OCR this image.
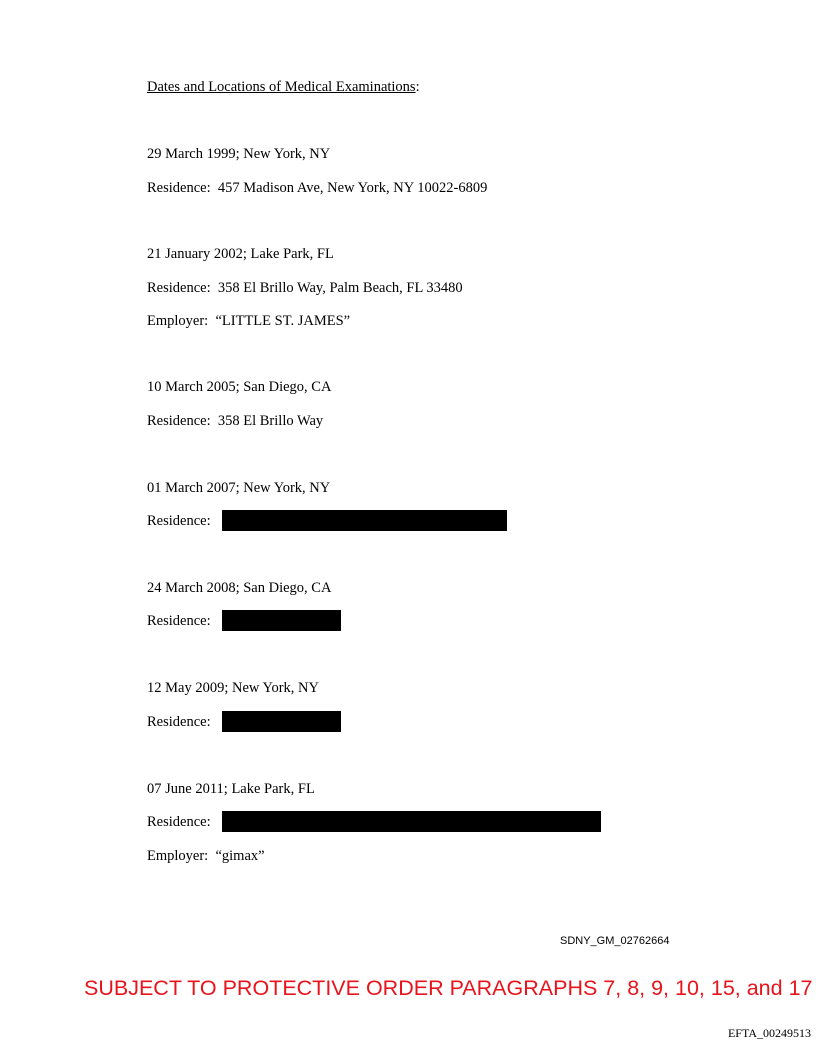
Dates and Locations of Medical Examinations:
29 March 1999; New York, NY
Residence: 457 Madison Ave, New York, NY 10022-6809
21 January 2002; Lake Park, FL
Residence: 358 El Brillo Way, Palm Beach, FL 33480
Employer: “LITTLE ST. JAMES”
10 March 2005; San Diego, CA
Residence: 358 El Brillo Way
01 March 2007; New York, NY
Residence:
24 March 2008; San Diego, CA
Residence:
12 May 2009; New York, NY
Residence:
07 June 2011; Lake Park, FL
Residence:
Employer: “gimax”
SDNY_GM_02762664
SUBJECT TO PROTECTIVE ORDER PARAGRAPHS 7, 8, 9, 10, 15, and 17
EFTA_00249513
